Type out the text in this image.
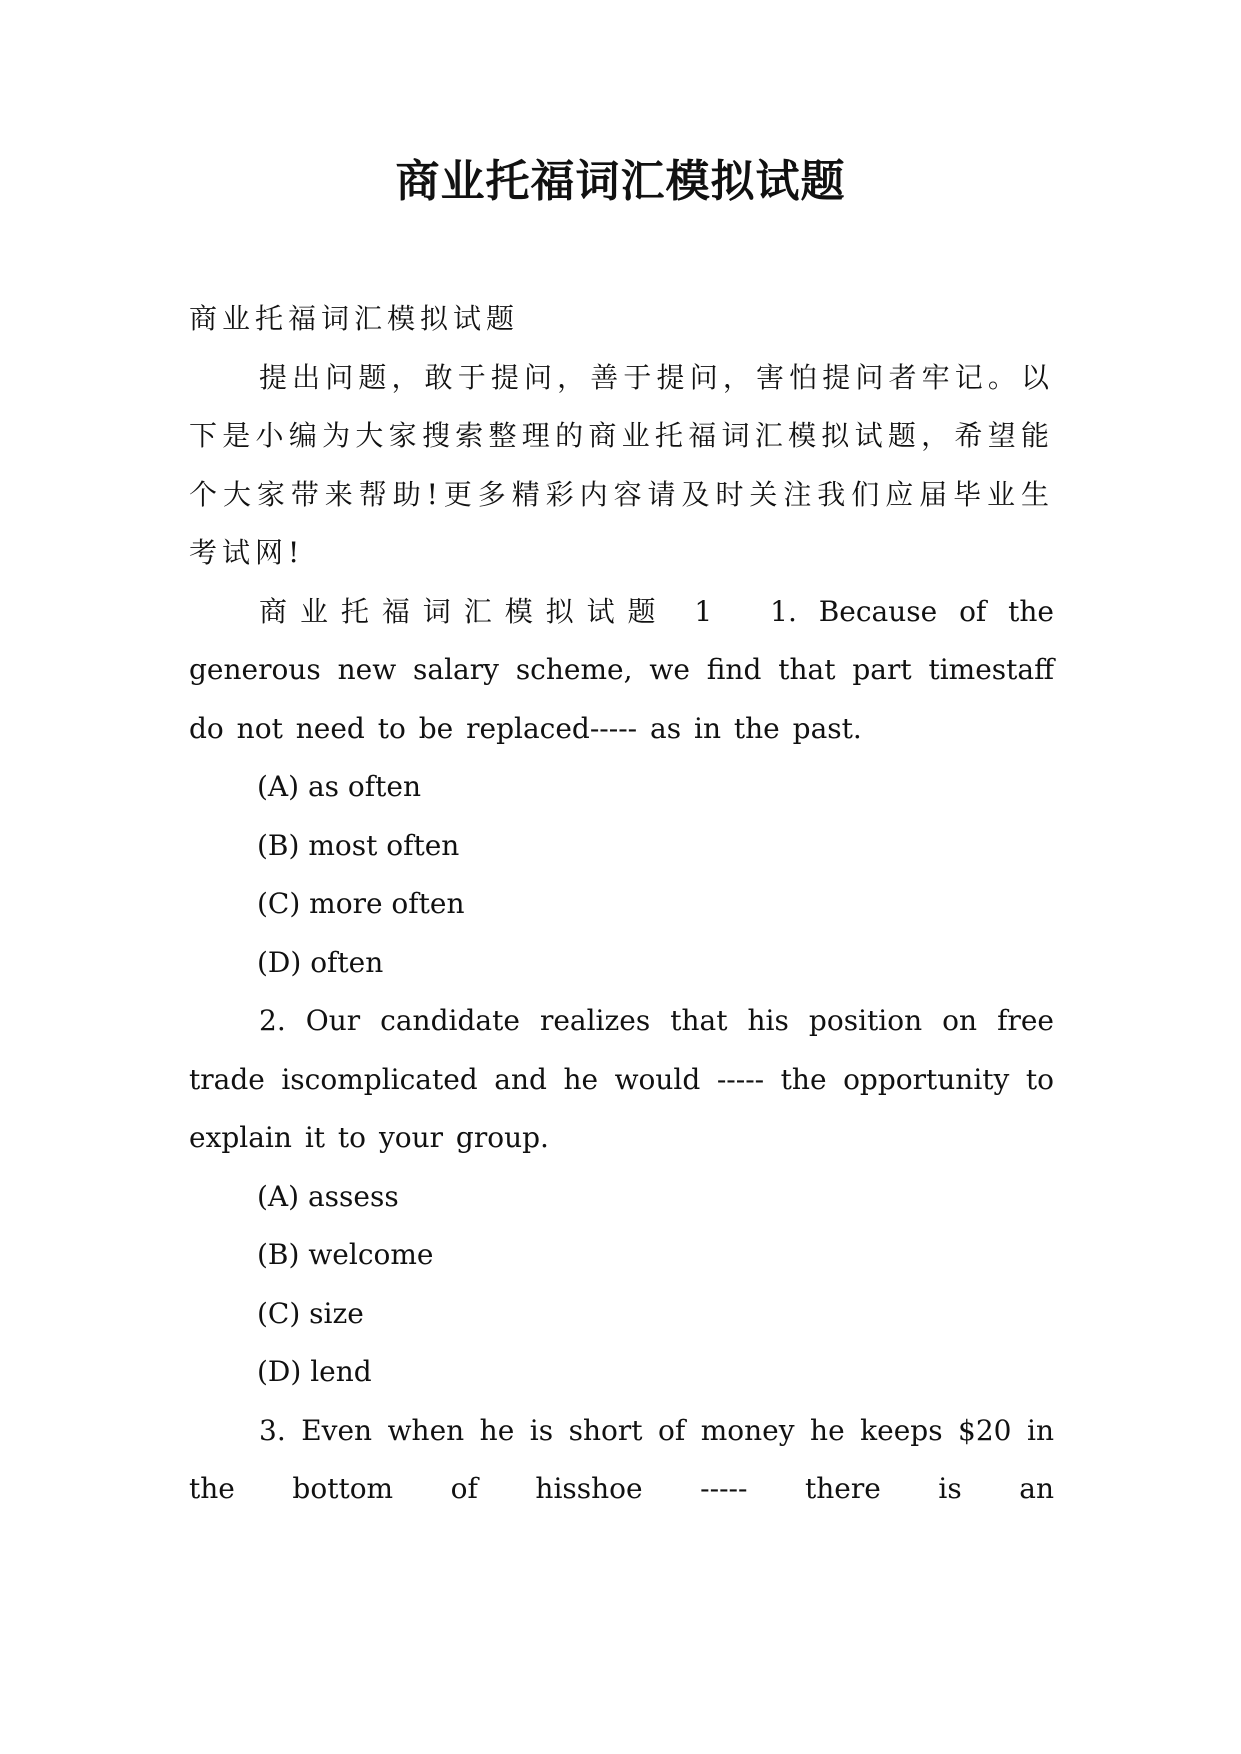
商业托福词汇模拟试题

商业托福词汇模拟试题

提出问题，敢于提问，善于提问，害怕提问者牢记。以下是小编为大家搜索整理的商业托福词汇模拟试题，希望能个大家带来帮助!更多精彩内容请及时关注我们应届毕业生考试网!

商业托福词汇模拟试题 1 1. Because of the generous new salary scheme, we find that part timestaff do not need to be replaced----- as in the past.

(A) as often

(B) most often

(C) more often

(D) often

2. Our candidate realizes that his position on free trade iscomplicated and he would ----- the opportunity to explain it to your group.

(A) assess

(B) welcome

(C) size

(D) lend

3. Even when he is short of money he keeps $20 in the bottom of hisshoe ----- there is an
